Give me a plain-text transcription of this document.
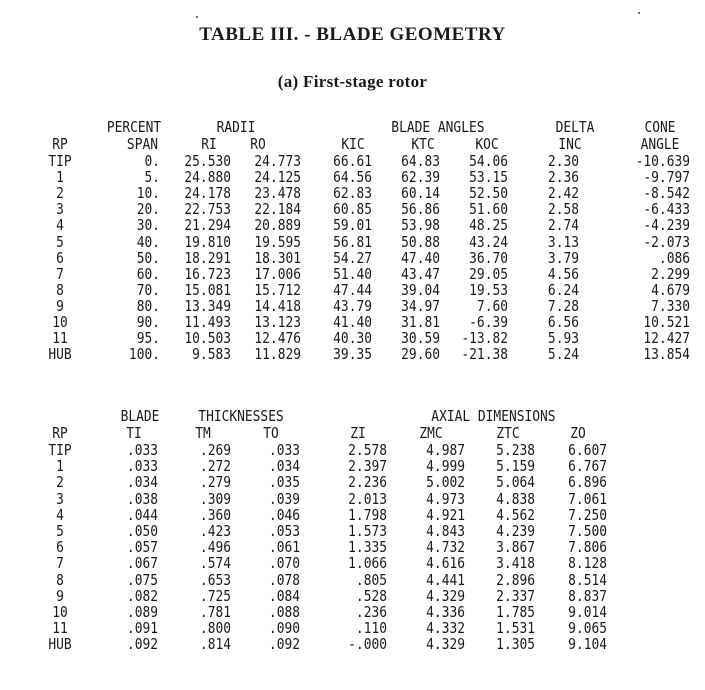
TABLE III. - BLADE GEOMETRY
(a) First-stage rotor
PERCENT	RADII	BLADE ANGLES	DELTA	CONE
RP	SPAN	RI	RO	KIC	KTC	KOC	INC	ANGLE
TIP	0.	25.530	24.773	66.61	64.83	54.06	2.30	-10.639
1	5.	24.880	24.125	64.56	62.39	53.15	2.36	-9.797
2	10.	24.178	23.478	62.83	60.14	52.50	2.42	-8.542
3	20.	22.753	22.184	60.85	56.86	51.60	2.58	-6.433
4	30.	21.294	20.889	59.01	53.98	48.25	2.74	-4.239
5	40.	19.810	19.595	56.81	50.88	43.24	3.13	-2.073
6	50.	18.291	18.301	54.27	47.40	36.70	3.79	.086
7	60.	16.723	17.006	51.40	43.47	29.05	4.56	2.299
8	70.	15.081	15.712	47.44	39.04	19.53	6.24	4.679
9	80.	13.349	14.418	43.79	34.97	7.60	7.28	7.330
10	90.	11.493	13.123	41.40	31.81	-6.39	6.56	10.521
11	95.	10.503	12.476	40.30	30.59	-13.82	5.93	12.427
HUB	100.	9.583	11.829	39.35	29.60	-21.38	5.24	13.854
BLADE	THICKNESSES	AXIAL DIMENSIONS
RP	TI	TM	TO	ZI	ZMC	ZTC	ZO
TIP	.033	.269	.033	2.578	4.987	5.238	6.607
1	.033	.272	.034	2.397	4.999	5.159	6.767
2	.034	.279	.035	2.236	5.002	5.064	6.896
3	.038	.309	.039	2.013	4.973	4.838	7.061
4	.044	.360	.046	1.798	4.921	4.562	7.250
5	.050	.423	.053	1.573	4.843	4.239	7.500
6	.057	.496	.061	1.335	4.732	3.867	7.806
7	.067	.574	.070	1.066	4.616	3.418	8.128
8	.075	.653	.078	.805	4.441	2.896	8.514
9	.082	.725	.084	.528	4.329	2.337	8.837
10	.089	.781	.088	.236	4.336	1.785	9.014
11	.091	.800	.090	.110	4.332	1.531	9.065
HUB	.092	.814	.092	-.000	4.329	1.305	9.104
